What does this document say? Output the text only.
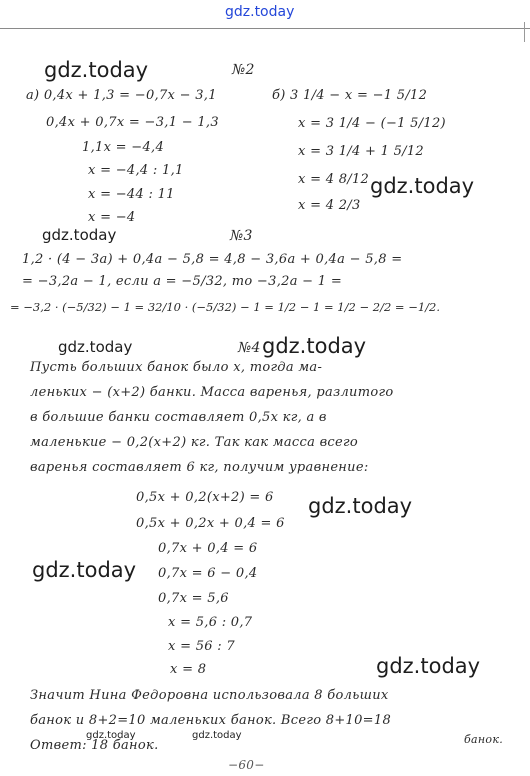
gdz.today
gdz.today	№2
а) 0,4x + 1,3 = −0,7x − 3,1
0,4x + 0,7x = −3,1 − 1,3
1,1x = −4,4
x = −4,4 : 1,1
x = −44 : 11
x = −4
б) 3 1/4 − x = −1 5/12
x = 3 1/4 − (−1 5/12)
x = 3 1/4 + 1 5/12
x = 4 8/12
x = 4 2/3
gdz.today
gdz.today	№3
1,2 · (4 − 3a) + 0,4a − 5,8 = 4,8 − 3,6a + 0,4a − 5,8 =
= −3,2a − 1, если a = −5/32, то −3,2a − 1 =
= −3,2 · (−5/32) − 1 = 32/10 · (−5/32) − 1 = 1/2 − 1 = 1/2 − 2/2 = −1/2.
gdz.today	№4 gdz.today
Пусть больших банок было x, тогда ма-
леньких − (x+2) банки. Масса варенья, разлитого
в большие банки составляет 0,5x кг, а в
маленькие − 0,2(x+2) кг. Так как масса всего
варенья составляет 6 кг, получим уравнение:
0,5x + 0,2(x+2) = 6 gdz.today
0,5x + 0,2x + 0,4 = 6
0,7x + 0,4 = 6
gdz.today 0,7x = 6 − 0,4
0,7x = 5,6
x = 5,6 : 0,7
x = 56 : 7
x = 8	gdz.today
Значит Нина Федоровна использовала 8 больших
банок и 8+2=10 маленьких банок. Всего 8+10=18
банок.
Ответ: 18 банок.
gdz.today	gdz.today
−60−
